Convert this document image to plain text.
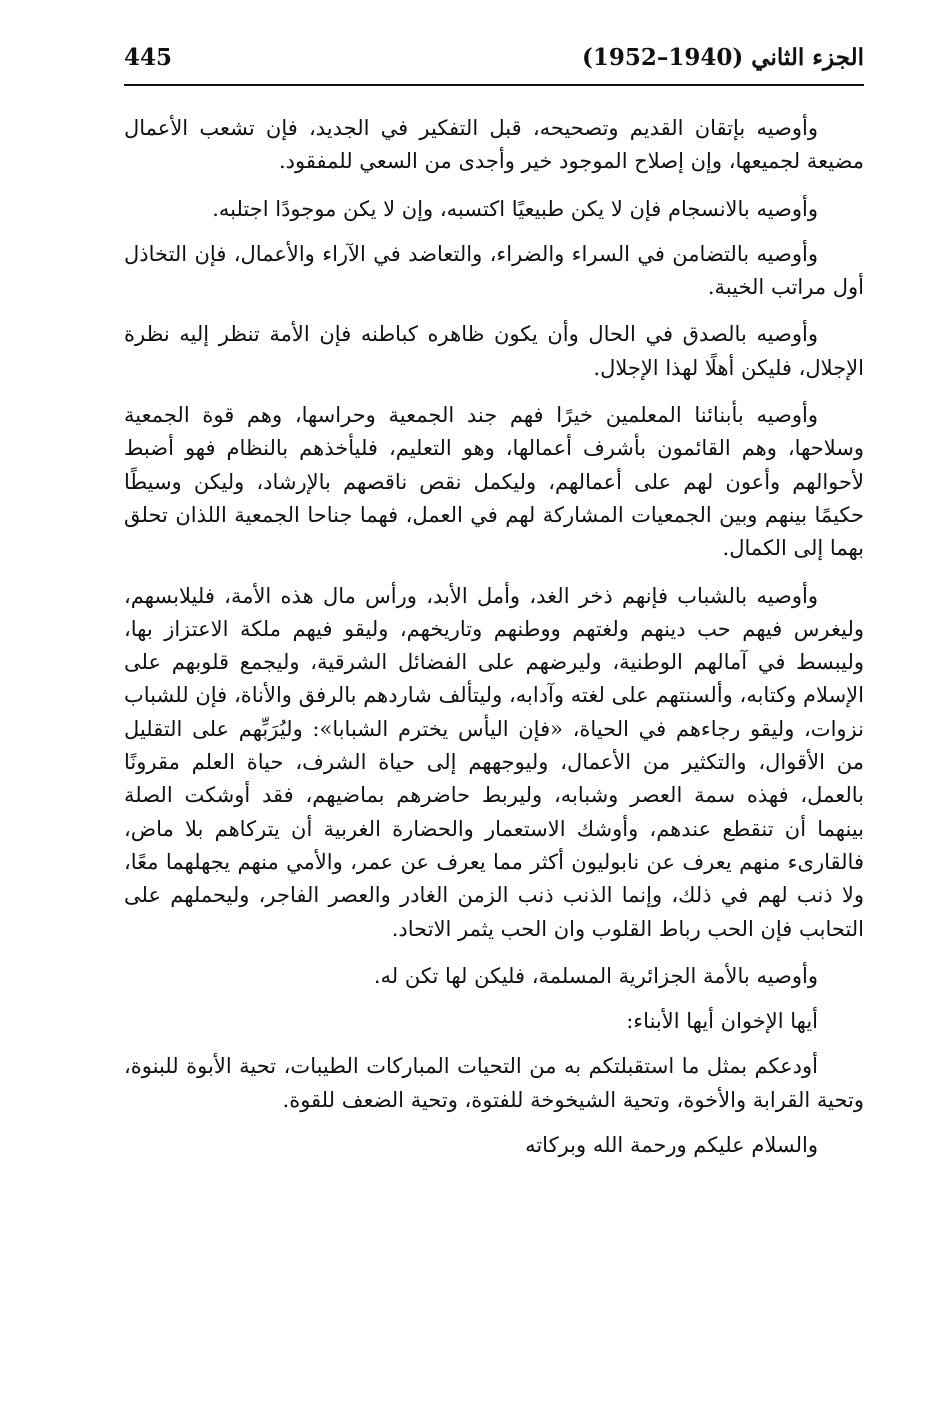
الجزء الثاني (1940–1952)
445

وأوصيه بإتقان القديم وتصحيحه، قبل التفكير في الجديد، فإن تشعب الأعمال مضيعة لجميعها، وإن إصلاح الموجود خير وأجدى من السعي للمفقود.

وأوصيه بالانسجام فإن لا يكن طبيعيًا اكتسبه، وإن لا يكن موجودًا اجتلبه.

وأوصيه بالتضامن في السراء والضراء، والتعاضد في الآراء والأعمال، فإن التخاذل أول مراتب الخيبة.

وأوصيه بالصدق في الحال وأن يكون ظاهره كباطنه فإن الأمة تنظر إليه نظرة الإجلال، فليكن أهلًا لهذا الإجلال.

وأوصيه بأبنائنا المعلمين خيرًا فهم جند الجمعية وحراسها، وهم قوة الجمعية وسلاحها، وهم القائمون بأشرف أعمالها، وهو التعليم، فليأخذهم بالنظام فهو أضبط لأحوالهم وأعون لهم على أعمالهم، وليكمل نقص ناقصهم بالإرشاد، وليكن وسيطًا حكيمًا بينهم وبين الجمعيات المشاركة لهم في العمل، فهما جناحا الجمعية اللذان تحلق بهما إلى الكمال.

وأوصيه بالشباب فإنهم ذخر الغد، وأمل الأبد، ورأس مال هذه الأمة، فليلابسهم، وليغرس فيهم حب دينهم ولغتهم ووطنهم وتاريخهم، وليقو فيهم ملكة الاعتزاز بها، وليبسط في آمالهم الوطنية، وليرضهم على الفضائل الشرقية، وليجمع قلوبهم على الإسلام وكتابه، وألسنتهم على لغته وآدابه، وليتألف شاردهم بالرفق والأناة، فإن للشباب نزوات، وليقو رجاءهم في الحياة، «فإن اليأس يخترم الشبابا»: وليُرَبِّهم على التقليل من الأقوال، والتكثير من الأعمال، وليوجههم إلى حياة الشرف، حياة العلم مقرونًا بالعمل، فهذه سمة العصر وشبابه، وليربط حاضرهم بماضيهم، فقد أوشكت الصلة بينهما أن تنقطع عندهم، وأوشك الاستعمار والحضارة الغربية أن يتركاهم بلا ماض، فالقارىء منهم يعرف عن نابوليون أكثر مما يعرف عن عمر، والأمي منهم يجهلهما معًا، ولا ذنب لهم في ذلك، وإنما الذنب ذنب الزمن الغادر والعصر الفاجر، وليحملهم على التحابب فإن الحب رباط القلوب وان الحب يثمر الاتحاد.

وأوصيه بالأمة الجزائرية المسلمة، فليكن لها تكن له.

أيها الإخوان أيها الأبناء:

أودعكم بمثل ما استقبلتكم به من التحيات المباركات الطيبات، تحية الأبوة للبنوة، وتحية القرابة والأخوة، وتحية الشيخوخة للفتوة، وتحية الضعف للقوة.

والسلام عليكم ورحمة الله وبركاته
